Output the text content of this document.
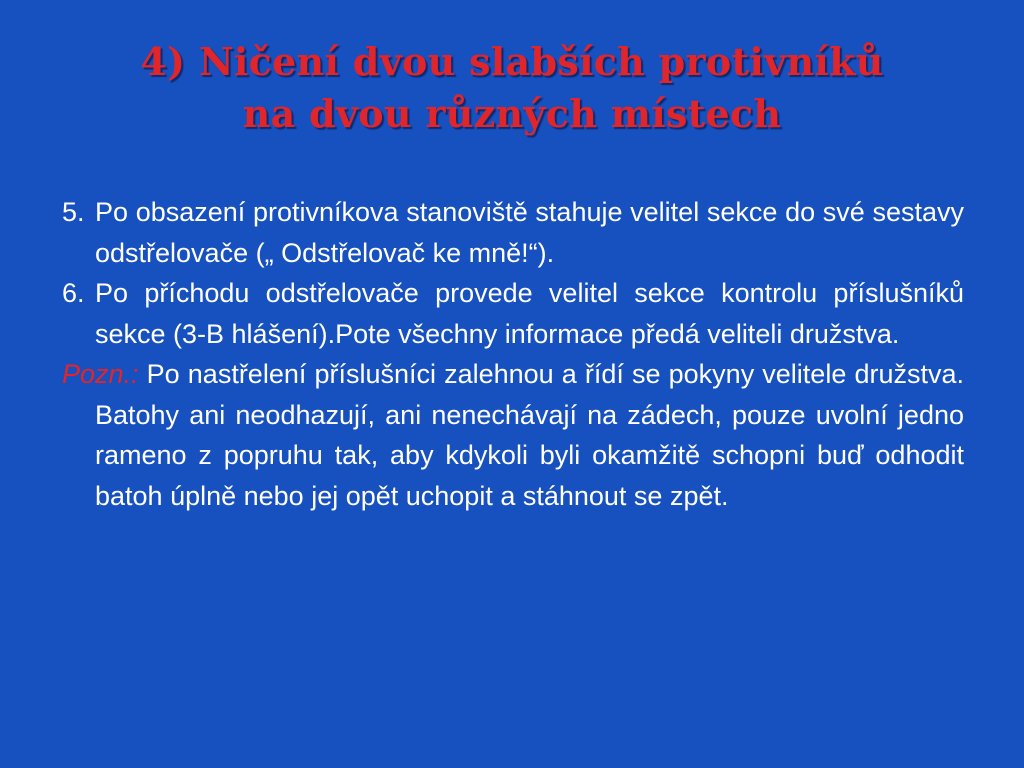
4) Ničení dvou slabších protivníků
na dvou různých místech

5. Po obsazení protivníkova stanoviště stahuje velitel sekce do své sestavy odstřelovače („ Odstřelovač ke mně!“).

6. Po příchodu odstřelovače provede velitel sekce kontrolu příslušníků sekce (3-B hlášení).Pote všechny informace předá veliteli družstva.

Pozn.: Po nastřelení příslušníci zalehnou a řídí se pokyny velitele družstva. Batohy ani neodhazují, ani nenechávají na zádech, pouze uvolní jedno rameno z popruhu tak, aby kdykoli byli okamžitě schopni buď odhodit batoh úplně nebo jej opět uchopit a stáhnout se zpět.
